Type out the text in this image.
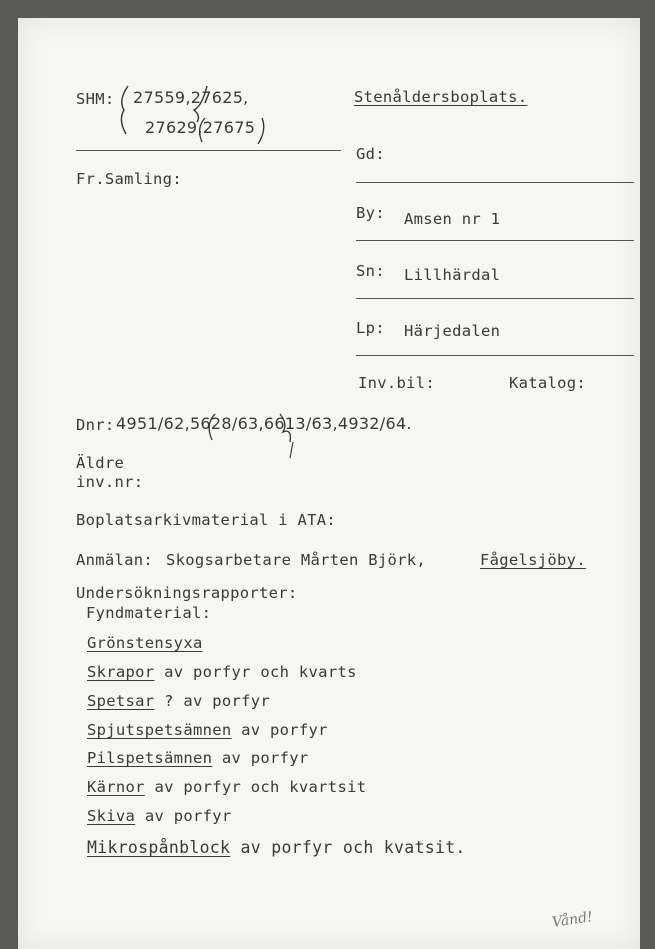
SHM: 27559,27625,
27629,27675
Fr.Samling:
Stenåldersboplats.
Gd:
By: Amsen nr 1
Sn: Lillhärdal
Lp: Härjedalen
Inv.bil:	Katalog:
Dnr: 4951/62,5628/63,6613/63,4932/64.
Äldre
inv.nr:
Boplatsarkivmaterial i ATA:
Anmälan: Skogsarbetare Mårten Björk,	Fågelsjöby.
Undersökningsrapporter:
Fyndmaterial:
Grönstensyxa
Skrapor av porfyr och kvarts
Spetsar ? av porfyr
Spjutspetsämnen av porfyr
Pilspetsämnen av porfyr
Kärnor av porfyr och kvartsit
Skiva av porfyr
Mikrospånblock av porfyr och kvatsit.
Vånd!
